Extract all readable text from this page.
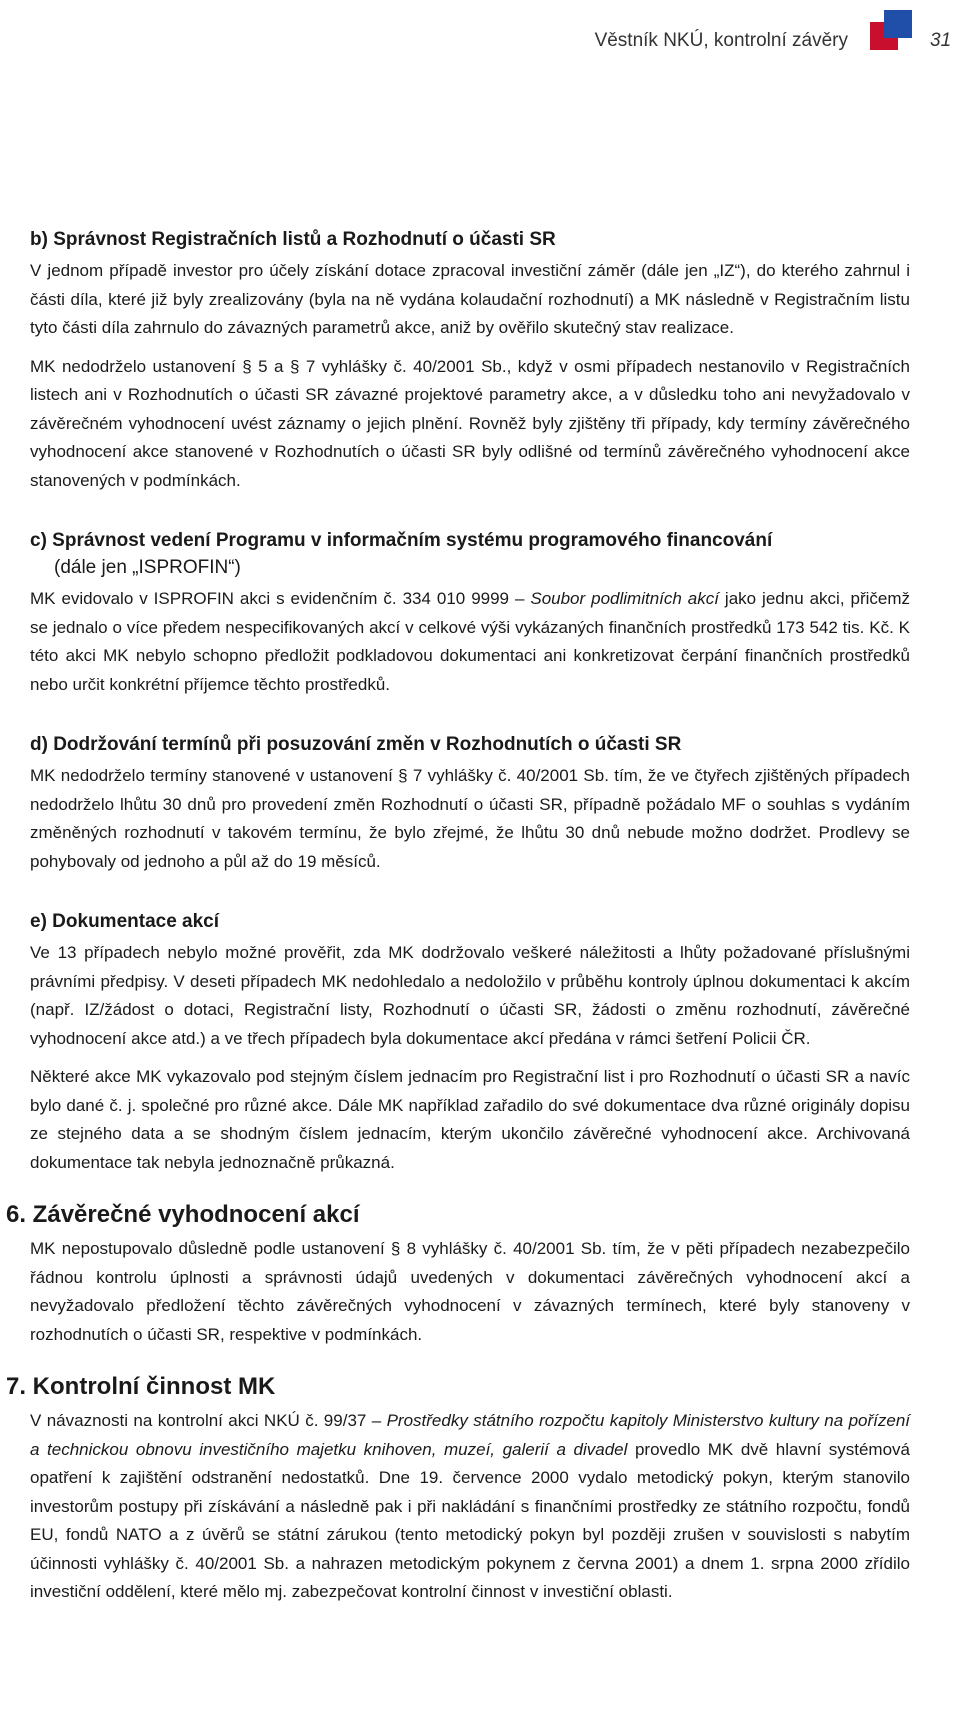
Věstník NKÚ, kontrolní závěry	31
b) Správnost Registračních listů a Rozhodnutí o účasti SR

V jednom případě investor pro účely získání dotace zpracoval investiční záměr (dále jen „IZ“), do kterého zahrnul i části díla, které již byly zrealizovány (byla na ně vydána kolaudační rozhodnutí) a MK následně v Registračním listu tyto části díla zahrnulo do závazných parametrů akce, aniž by ověřilo skutečný stav realizace.

MK nedodrželo ustanovení § 5 a § 7 vyhlášky č. 40/2001 Sb., když v osmi případech nestanovilo v Registračních listech ani v Rozhodnutích o účasti SR závazné projektové parametry akce, a v důsledku toho ani nevyžadovalo v závěrečném vyhodnocení uvést záznamy o jejich plnění. Rovněž byly zjištěny tři případy, kdy termíny závěrečného vyhodnocení akce stanovené v Rozhodnutích o účasti SR byly odlišné od termínů závěrečného vyhodnocení akce stanovených v podmínkách.

c) Správnost vedení Programu v informačním systému programového financování
(dále jen „ISPROFIN“)

MK evidovalo v ISPROFIN akci s evidenčním č. 334 010 9999 – Soubor podlimitních akcí jako jednu akci, přičemž se jednalo o více předem nespecifikovaných akcí v celkové výši vykázaných finančních prostředků 173 542 tis. Kč. K této akci MK nebylo schopno předložit podkladovou dokumentaci ani konkretizovat čerpání finančních prostředků nebo určit konkrétní příjemce těchto prostředků.

d) Dodržování termínů při posuzování změn v Rozhodnutích o účasti SR

MK nedodrželo termíny stanovené v ustanovení § 7 vyhlášky č. 40/2001 Sb. tím, že ve čtyřech zjištěných případech nedodrželo lhůtu 30 dnů pro provedení změn Rozhodnutí o účasti SR, případně požádalo MF o souhlas s vydáním změněných rozhodnutí v takovém termínu, že bylo zřejmé, že lhůtu 30 dnů nebude možno dodržet. Prodlevy se pohybovaly od jednoho a půl až do 19 měsíců.

e) Dokumentace akcí

Ve 13 případech nebylo možné prověřit, zda MK dodržovalo veškeré náležitosti a lhůty požadované příslušnými právními předpisy. V deseti případech MK nedohledalo a nedoložilo v průběhu kontroly úplnou dokumentaci k akcím (např. IZ/žádost o dotaci, Registrační listy, Rozhodnutí o účasti SR, žádosti o změnu rozhodnutí, závěrečné vyhodnocení akce atd.) a ve třech případech byla dokumentace akcí předána v rámci šetření Policii ČR.

Některé akce MK vykazovalo pod stejným číslem jednacím pro Registrační list i pro Rozhodnutí o účasti SR a navíc bylo dané č. j. společné pro různé akce. Dále MK například zařadilo do své dokumentace dva různé originály dopisu ze stejného data a se shodným číslem jednacím, kterým ukončilo závěrečné vyhodnocení akce. Archivovaná dokumentace tak nebyla jednoznačně průkazná.

6. Závěrečné vyhodnocení akcí

MK nepostupovalo důsledně podle ustanovení § 8 vyhlášky č. 40/2001 Sb. tím, že v pěti případech nezabezpečilo řádnou kontrolu úplnosti a správnosti údajů uvedených v dokumentaci závěrečných vyhodnocení akcí a nevyžadovalo předložení těchto závěrečných vyhodnocení v závazných termínech, které byly stanoveny v rozhodnutích o účasti SR, respektive v podmínkách.

7. Kontrolní činnost MK

V návaznosti na kontrolní akci NKÚ č. 99/37 – Prostředky státního rozpočtu kapitoly Ministerstvo kultury na pořízení a technickou obnovu investičního majetku knihoven, muzeí, galerií a divadel provedlo MK dvě hlavní systémová opatření k zajištění odstranění nedostatků. Dne 19. července 2000 vydalo metodický pokyn, kterým stanovilo investorům postupy při získávání a následně pak i při nakládání s finančními prostředky ze státního rozpočtu, fondů EU, fondů NATO a z úvěrů se státní zárukou (tento metodický pokyn byl později zrušen v souvislosti s nabytím účinnosti vyhlášky č. 40/2001 Sb. a nahrazen metodickým pokynem z června 2001) a dnem 1. srpna 2000 zřídilo investiční oddělení, které mělo mj. zabezpečovat kontrolní činnost v investiční oblasti.
